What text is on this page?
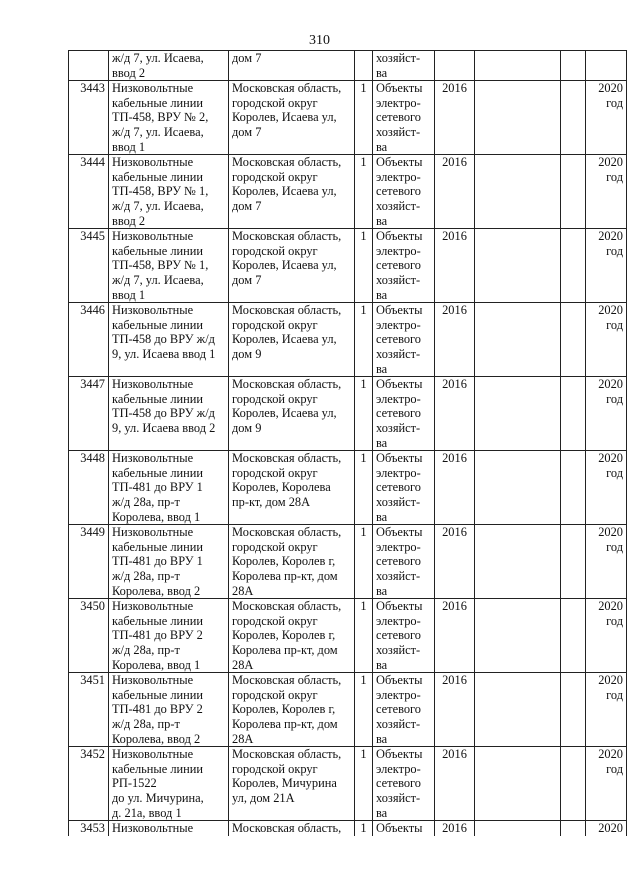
310
	ж/д 7, ул. Исаева,
ввод 2	дом 7		хозяйст-
ва				
3443	Низковольтные
кабельные линии
ТП-458, ВРУ № 2,
ж/д 7, ул. Исаева,
ввод 1	Московская область,
городской округ
Королев, Исаева ул,
дом 7	1	Объекты
электро-
сетевого
хозяйст-
ва	2016			2020
год
3444	Низковольтные
кабельные линии
ТП-458, ВРУ № 1,
ж/д 7, ул. Исаева,
ввод 2	Московская область,
городской округ
Королев, Исаева ул,
дом 7	1	Объекты
электро-
сетевого
хозяйст-
ва	2016			2020
год
3445	Низковольтные
кабельные линии
ТП-458, ВРУ № 1,
ж/д 7, ул. Исаева,
ввод 1	Московская область,
городской округ
Королев, Исаева ул,
дом 7	1	Объекты
электро-
сетевого
хозяйст-
ва	2016			2020
год
3446	Низковольтные
кабельные линии
ТП-458 до ВРУ ж/д
9, ул. Исаева ввод 1	Московская область,
городской округ
Королев, Исаева ул,
дом 9	1	Объекты
электро-
сетевого
хозяйст-
ва	2016			2020
год
3447	Низковольтные
кабельные линии
ТП-458 до ВРУ ж/д
9, ул. Исаева ввод 2	Московская область,
городской округ
Королев, Исаева ул,
дом 9	1	Объекты
электро-
сетевого
хозяйст-
ва	2016			2020
год
3448	Низковольтные
кабельные линии
ТП-481 до ВРУ 1
ж/д 28а, пр-т
Королева, ввод 1	Московская область,
городской округ
Королев, Королева
пр-кт, дом 28А	1	Объекты
электро-
сетевого
хозяйст-
ва	2016			2020
год
3449	Низковольтные
кабельные линии
ТП-481 до ВРУ 1
ж/д 28а, пр-т
Королева, ввод 2	Московская область,
городской округ
Королев, Королев г,
Королева пр-кт, дом
28А	1	Объекты
электро-
сетевого
хозяйст-
ва	2016			2020
год
3450	Низковольтные
кабельные линии
ТП-481 до ВРУ 2
ж/д 28а, пр-т
Королева, ввод 1	Московская область,
городской округ
Королев, Королев г,
Королева пр-кт, дом
28А	1	Объекты
электро-
сетевого
хозяйст-
ва	2016			2020
год
3451	Низковольтные
кабельные линии
ТП-481 до ВРУ 2
ж/д 28а, пр-т
Королева, ввод 2	Московская область,
городской округ
Королев, Королев г,
Королева пр-кт, дом
28А	1	Объекты
электро-
сетевого
хозяйст-
ва	2016			2020
год
3452	Низковольтные
кабельные линии
РП-1522
до ул. Мичурина,
д. 21а, ввод 1	Московская область,
городской округ
Королев, Мичурина
ул, дом 21А	1	Объекты
электро-
сетевого
хозяйст-
ва	2016			2020
год
3453	Низковольтные	Московская область,	1	Объекты	2016			2020
